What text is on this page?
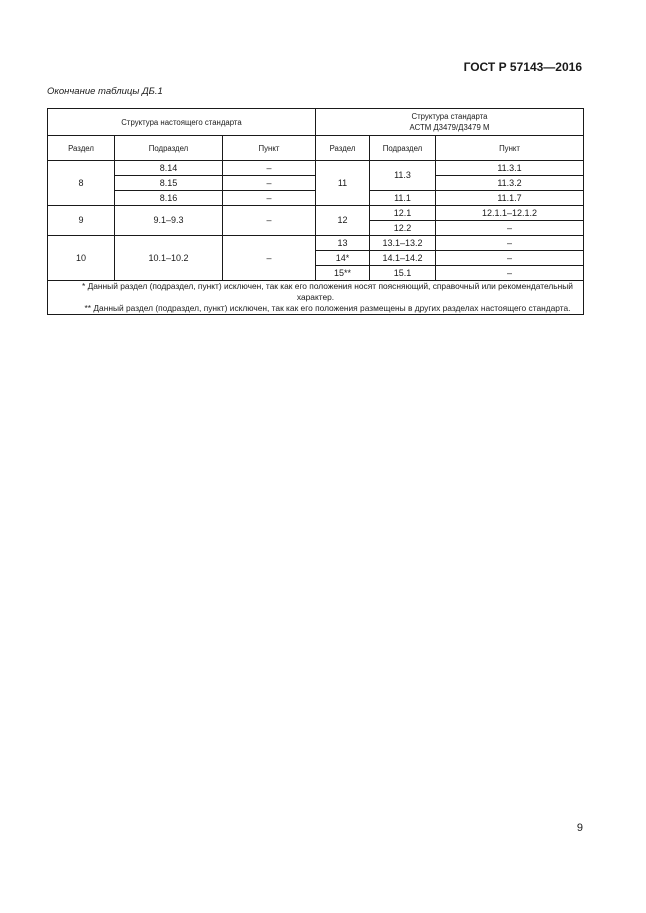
ГОСТ Р 57143—2016
Окончание таблицы ДБ.1
Структура настоящего стандарта			Структура стандарта
АСТМ Д3479/Д3479 М		
Раздел	Подраздел	Пункт	Раздел	Подраздел	Пункт
8	8.14	–	11	11.3	11.3.1
	8.15	–			11.3.2
	8.16	–		11.1	11.1.7
9	9.1–9.3	–	12	12.1	12.1.1–12.1.2
				12.2	–
10	10.1–10.2	–	13	13.1–13.2	–
			14*	14.1–14.2	–
			15**	15.1	–

* Данный раздел (подраздел, пункт) исключен, так как его положения носят поясняющий, справочный или рекомендательный характер.

** Данный раздел (подраздел, пункт) исключен, так как его положения размещены в других разделах настоящего стандарта.					

9
